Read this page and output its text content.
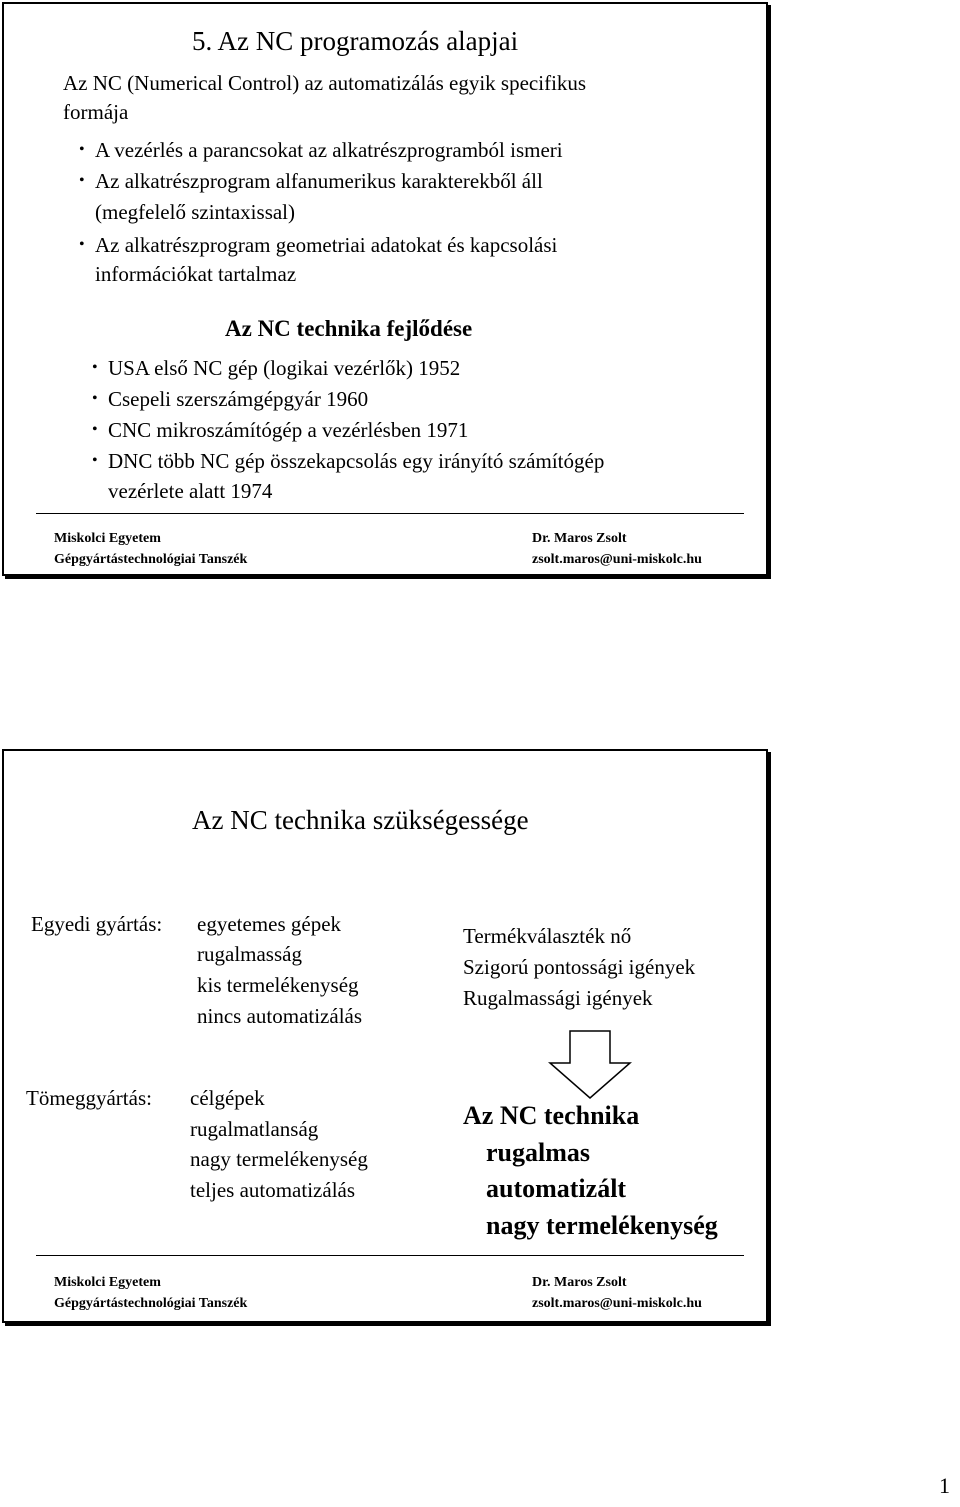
5. Az NC programozás alapjai
Az NC (Numerical Control) az automatizálás egyik specifikus
formája
• A vezérlés a parancsokat az alkatrészprogramból ismeri
• Az alkatrészprogram alfanumerikus karakterekből áll
(megfelelő szintaxissal)
• Az alkatrészprogram geometriai adatokat és kapcsolási
információkat tartalmaz
Az NC technika fejlődése
• USA első NC gép (logikai vezérlők) 1952
• Csepeli szerszámgépgyár 1960
• CNC mikroszámítógép a vezérlésben 1971
• DNC több NC gép összekapcsolás egy irányító számítógép
vezérlete alatt 1974
Miskolci Egyetem
Gépgyártástechnológiai Tanszék
Dr. Maros Zsolt
zsolt.maros@uni-miskolc.hu
Az NC technika szükségessége
Egyedi gyártás: egyetemes gépek
rugalmasság
kis termelékenység
nincs automatizálás
Termékválaszték nő
Szigorú pontossági igények
Rugalmassági igények
Tömeggyártás: célgépek
rugalmatlanság
nagy termelékenység
teljes automatizálás
Az NC technika
rugalmas
automatizált
nagy termelékenység
Miskolci Egyetem
Gépgyártástechnológiai Tanszék
Dr. Maros Zsolt
zsolt.maros@uni-miskolc.hu
1
